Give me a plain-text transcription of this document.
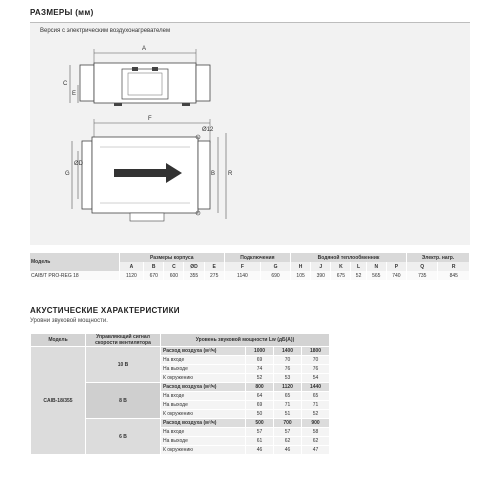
РАЗМЕРЫ (мм)
Версия с электрическим воздухонагревателем
A
C
E
F
Ø12
G
ØD
B R
Модель	Размеры корпуса					Подключения		Водяной теплообменник						Электр. нагр.	
	A	B	C	ØD	E	F	G	H	J	K	L	N	P	Q	R
CAIB/T PRO-REG 18	1120	670	600	355	275	1140	690	105	390	675	52	565	740	735	845
АКУСТИЧЕСКИЕ ХАРАКТЕРИСТИКИ
Уровни звуковой мощности.
Модель	Управляющий сигнал скорости вентилятора	Уровень звуковой мощности Lw (дБ(A))			
CAIB-18/355	10 В	Расход воздуха (м³/ч)	1000	1400	1800
		На входе	69	70	70
		На выходе	74	76	76
		К окружению	52	53	54
	8 В	Расход воздуха (м³/ч)	800	1120	1440
		На входе	64	65	65
		На выходе	69	71	71
		К окружению	50	51	52
	6 В	Расход воздуха (м³/ч)	500	700	900
		На входе	57	57	58
		На выходе	61	62	62
		К окружению	46	46	47
